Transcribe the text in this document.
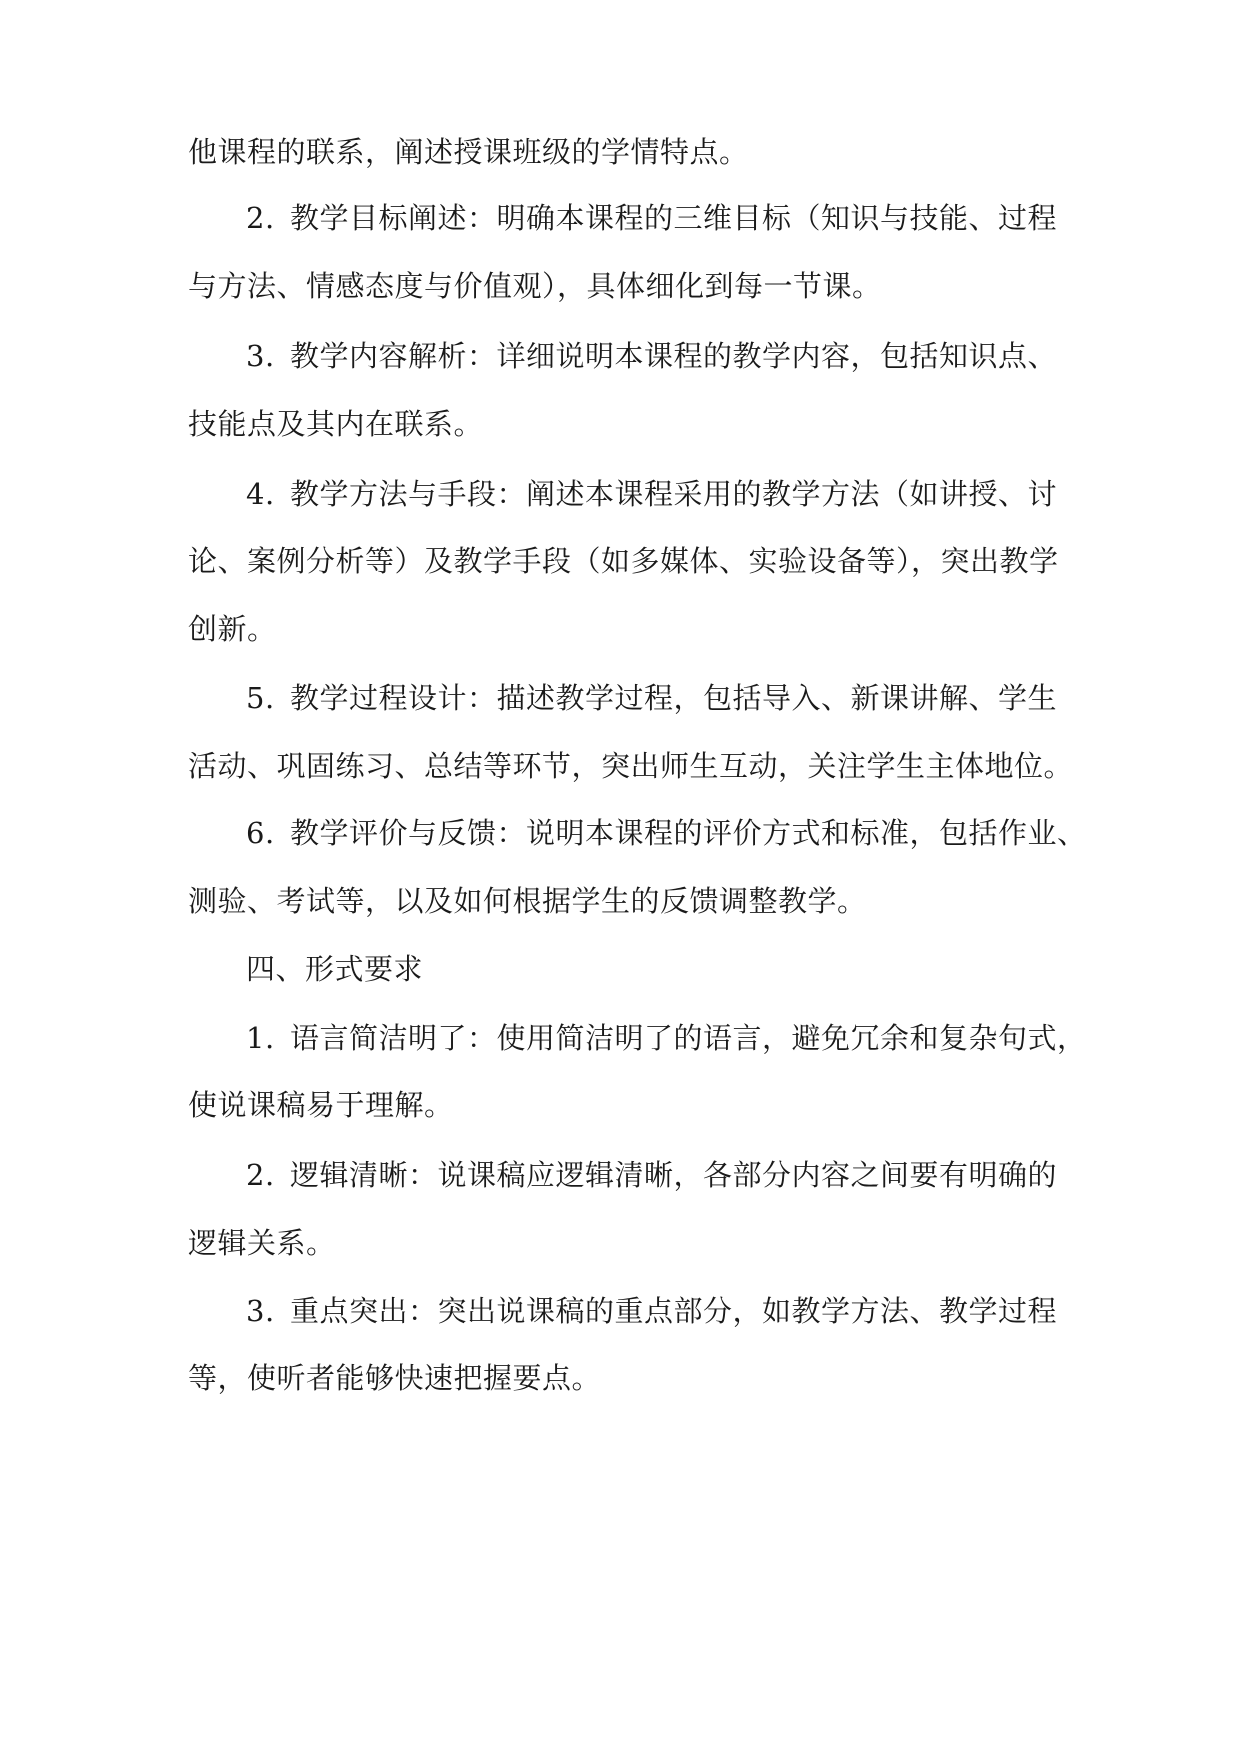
他课程的联系，阐述授课班级的学情特点。
2. 教学目标阐述：明确本课程的三维目标（知识与技能、过程
与方法、情感态度与价值观），具体细化到每一节课。
3. 教学内容解析：详细说明本课程的教学内容，包括知识点、
技能点及其内在联系。
4. 教学方法与手段：阐述本课程采用的教学方法（如讲授、讨
论、案例分析等）及教学手段（如多媒体、实验设备等），突出教学
创新。
5. 教学过程设计：描述教学过程，包括导入、新课讲解、学生
活动、巩固练习、总结等环节，突出师生互动，关注学生主体地位。
6. 教学评价与反馈：说明本课程的评价方式和标准，包括作业、
测验、考试等，以及如何根据学生的反馈调整教学。
四、形式要求
1. 语言简洁明了：使用简洁明了的语言，避免冗余和复杂句式，
使说课稿易于理解。
2. 逻辑清晰：说课稿应逻辑清晰，各部分内容之间要有明确的
逻辑关系。
3. 重点突出：突出说课稿的重点部分，如教学方法、教学过程
等，使听者能够快速把握要点。
